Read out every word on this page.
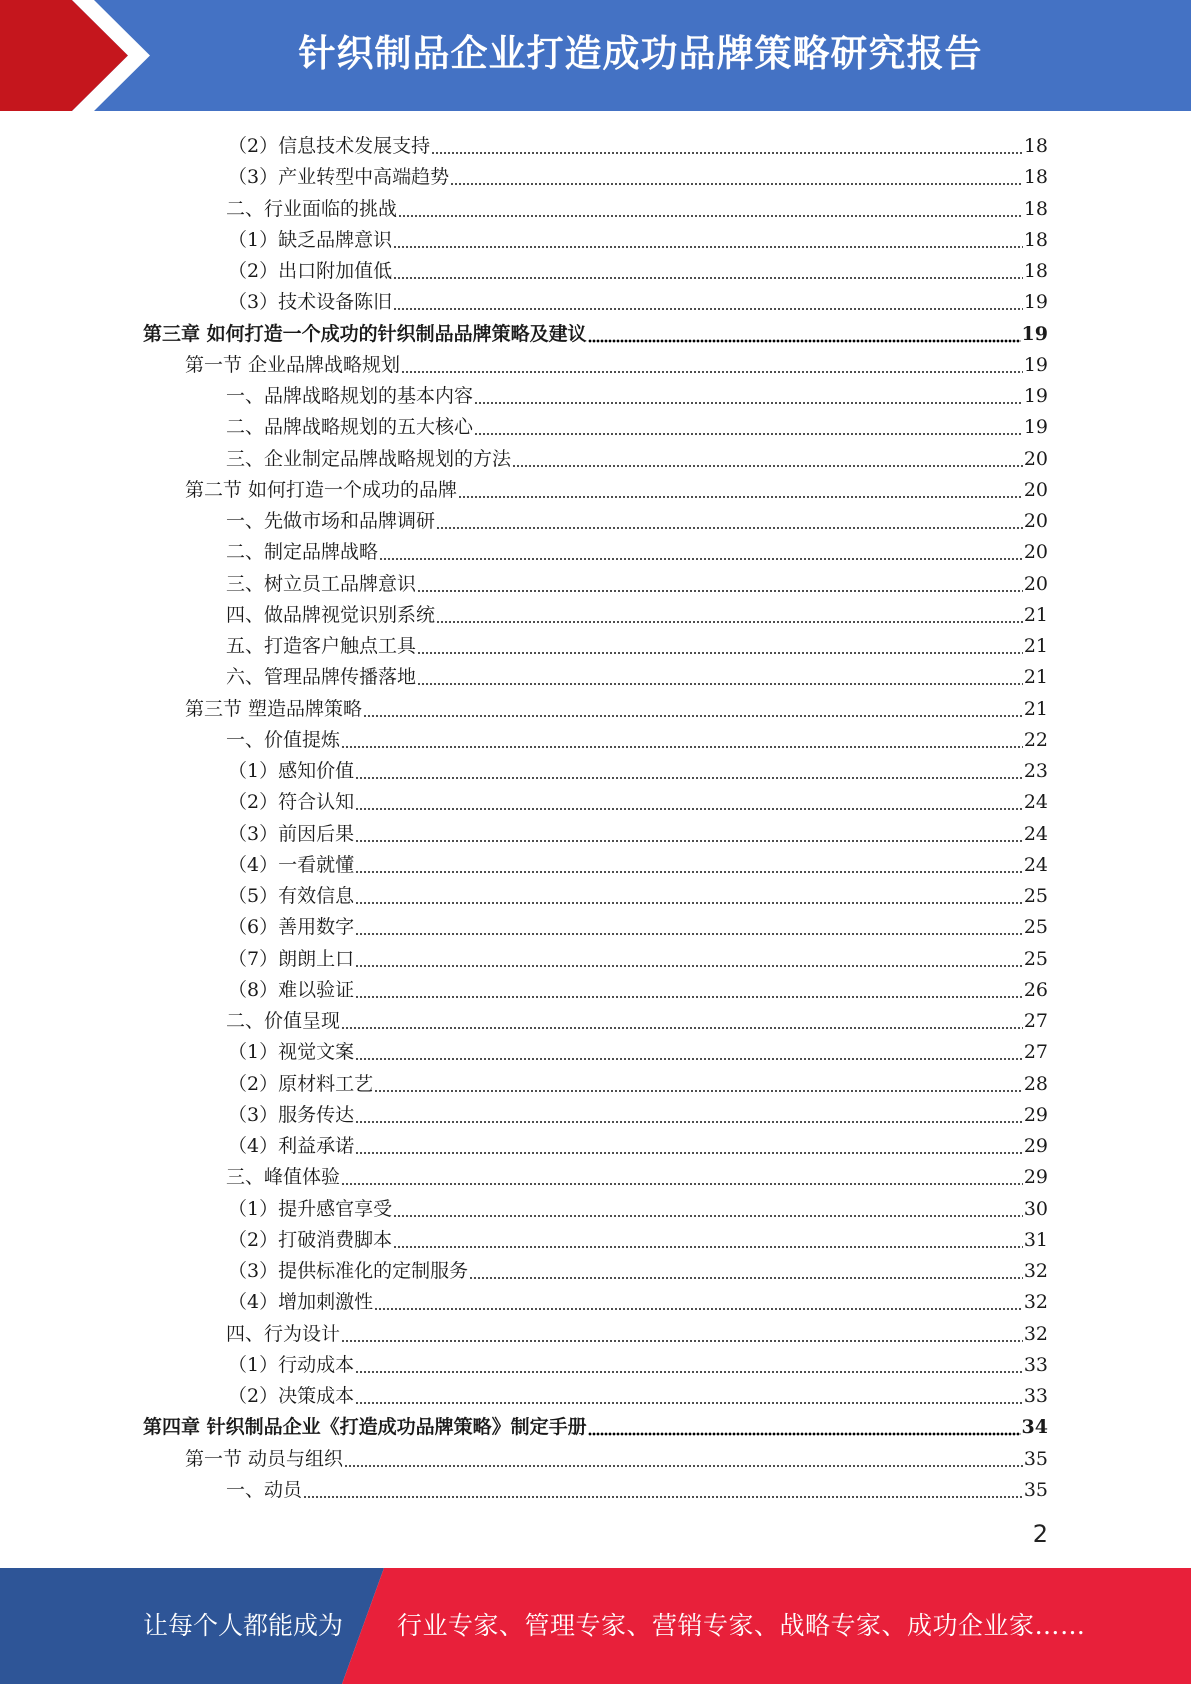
针织制品企业打造成功品牌策略研究报告
（2）信息技术发展支持	18
（3）产业转型中高端趋势	18
二、行业面临的挑战	18
（1）缺乏品牌意识	18
（2）出口附加值低	18
（3）技术设备陈旧	19
第三章 如何打造一个成功的针织制品品牌策略及建议	19
第一节 企业品牌战略规划	19
一、品牌战略规划的基本内容	19
二、品牌战略规划的五大核心	19
三、企业制定品牌战略规划的方法	20
第二节 如何打造一个成功的品牌	20
一、先做市场和品牌调研	20
二、制定品牌战略	20
三、树立员工品牌意识	20
四、做品牌视觉识别系统	21
五、打造客户触点工具	21
六、管理品牌传播落地	21
第三节 塑造品牌策略	21
一、价值提炼	22
（1）感知价值	23
（2）符合认知	24
（3）前因后果	24
（4）一看就懂	24
（5）有效信息	25
（6）善用数字	25
（7）朗朗上口	25
（8）难以验证	26
二、价值呈现	27
（1）视觉文案	27
（2）原材料工艺	28
（3）服务传达	29
（4）利益承诺	29
三、峰值体验	29
（1）提升感官享受	30
（2）打破消费脚本	31
（3）提供标准化的定制服务	32
（4）增加刺激性	32
四、行为设计	32
（1）行动成本	33
（2）决策成本	33
第四章 针织制品企业《打造成功品牌策略》制定手册	34
第一节 动员与组织	35
一、动员	35
2
让每个人都能成为 行业专家、管理专家、营销专家、战略专家、成功企业家……
